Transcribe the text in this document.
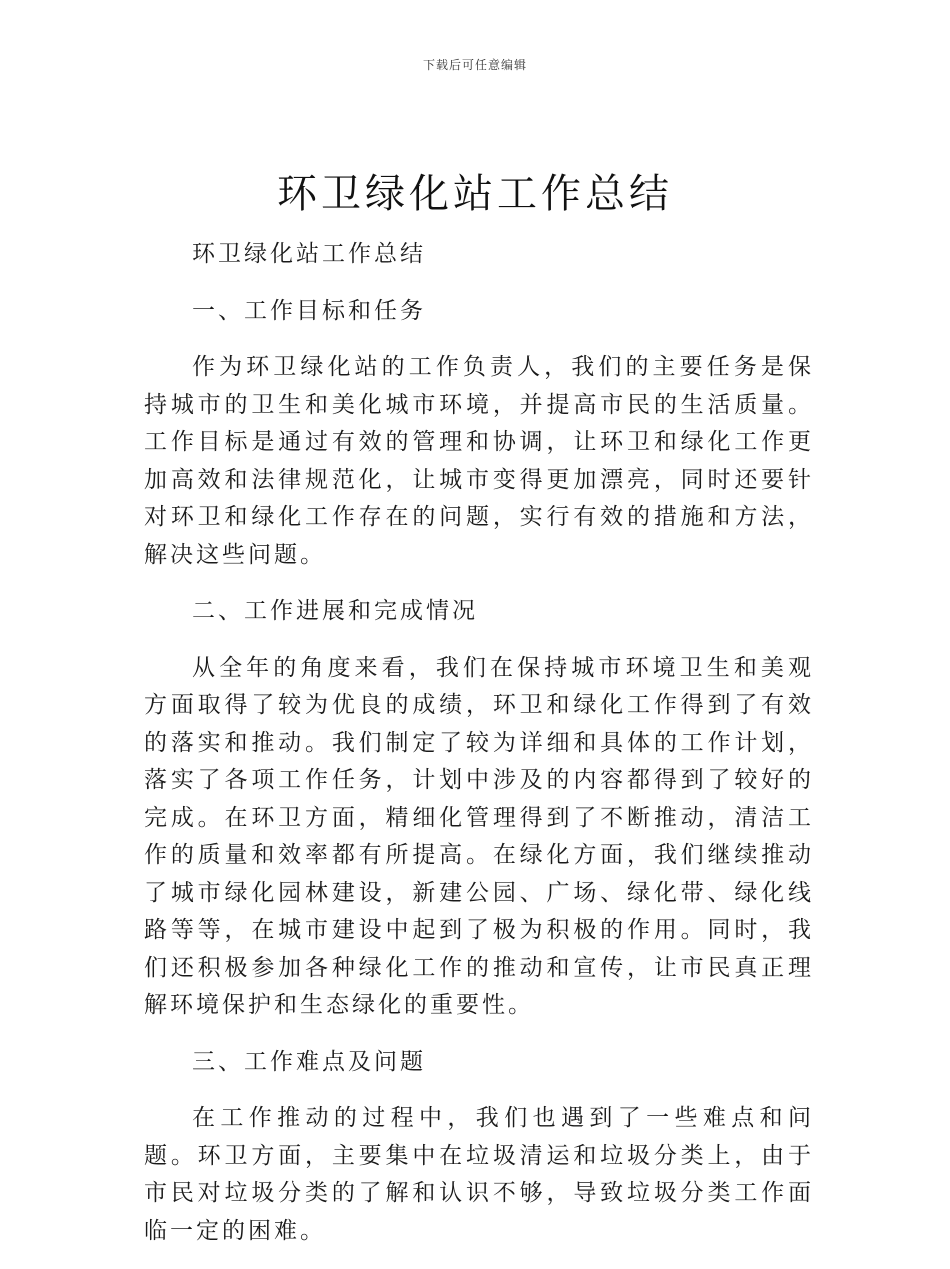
下载后可任意编辑
环卫绿化站工作总结

环卫绿化站工作总结

一、工作目标和任务

作为环卫绿化站的工作负责人，我们的主要任务是保持城市的卫生和美化城市环境，并提高市民的生活质量。工作目标是通过有效的管理和协调，让环卫和绿化工作更加高效和法律规范化，让城市变得更加漂亮，同时还要针对环卫和绿化工作存在的问题，实行有效的措施和方法，解决这些问题。

二、工作进展和完成情况

从全年的角度来看，我们在保持城市环境卫生和美观方面取得了较为优良的成绩，环卫和绿化工作得到了有效的落实和推动。我们制定了较为详细和具体的工作计划，落实了各项工作任务，计划中涉及的内容都得到了较好的完成。在环卫方面，精细化管理得到了不断推动，清洁工作的质量和效率都有所提高。在绿化方面，我们继续推动了城市绿化园林建设，新建公园、广场、绿化带、绿化线路等等，在城市建设中起到了极为积极的作用。同时，我们还积极参加各种绿化工作的推动和宣传，让市民真正理解环境保护和生态绿化的重要性。

三、工作难点及问题

在工作推动的过程中，我们也遇到了一些难点和问题。环卫方面，主要集中在垃圾清运和垃圾分类上，由于市民对垃圾分类的了解和认识不够，导致垃圾分类工作面临一定的困难。
